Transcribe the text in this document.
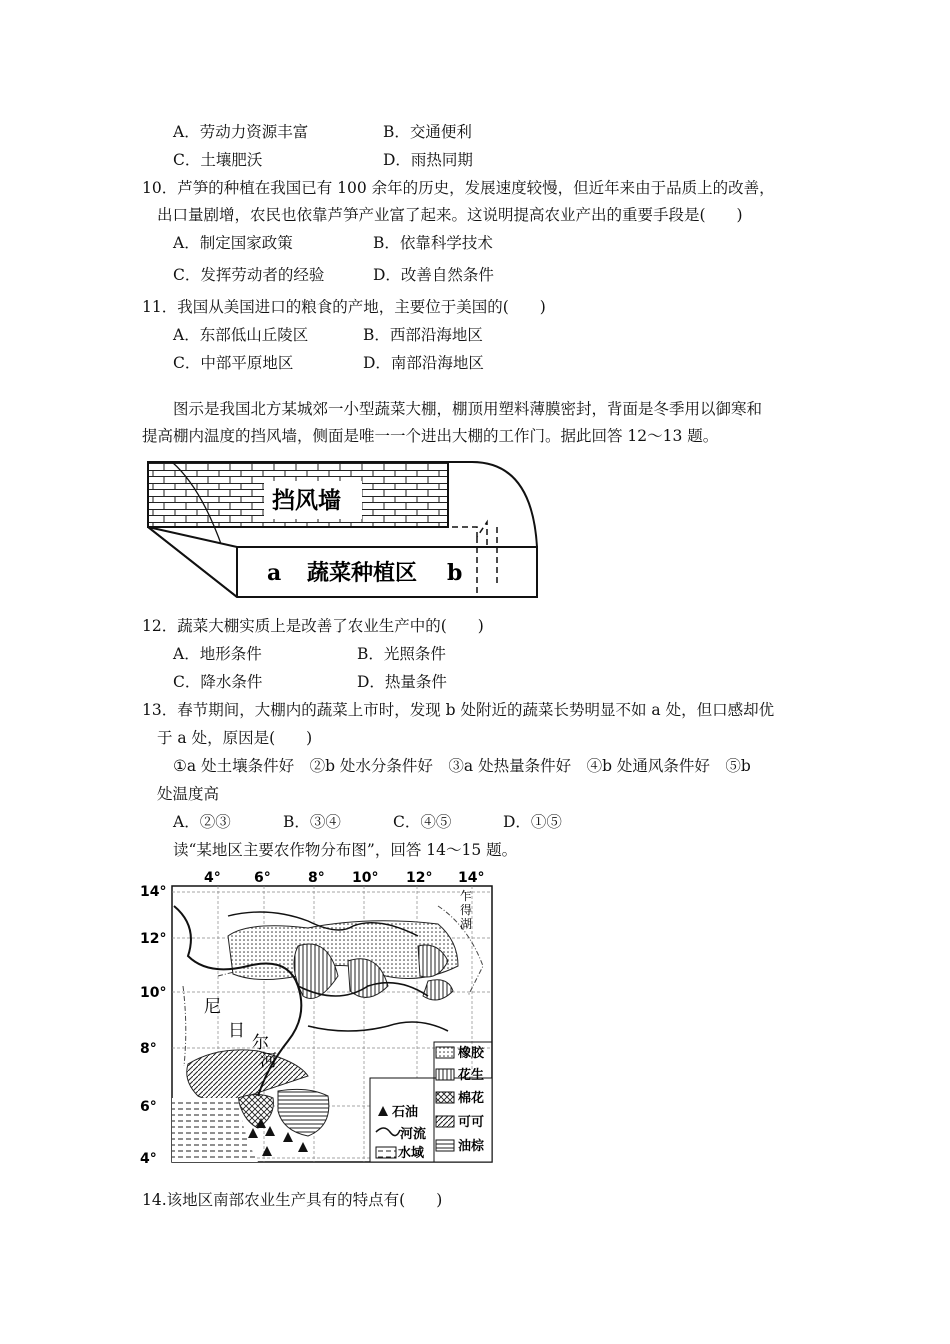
A．劳动力资源丰富	B．交通便利
C．土壤肥沃	D．雨热同期
10．芦笋的种植在我国已有 100 余年的历史，发展速度较慢，但近年来由于品质上的改善，
出口量剧增，农民也依靠芦笋产业富了起来。这说明提高农业产出的重要手段是(　　)
A．制定国家政策	B．依靠科学技术
C．发挥劳动者的经验	D．改善自然条件
11．我国从美国进口的粮食的产地，主要位于美国的(　　)
A．东部低山丘陵区	B．西部沿海地区
C．中部平原地区	D．南部沿海地区
图示是我国北方某城郊一小型蔬菜大棚，棚顶用塑料薄膜密封，背面是冬季用以御寒和
提高棚内温度的挡风墙，侧面是唯一一个进出大棚的工作门。据此回答 12～13 题。
挡风墙
a 蔬菜种植区 b
12．蔬菜大棚实质上是改善了农业生产中的(　　)
A．地形条件	B．光照条件
C．降水条件	D．热量条件
13．春节期间，大棚内的蔬菜上市时，发现 b 处附近的蔬菜长势明显不如 a 处，但口感却优
于 a 处，原因是(　　)
①a 处土壤条件好　②b 处水分条件好　③a 处热量条件好　④b 处通风条件好　⑤b
处温度高
A．②③	B．③④	C．④⑤	D．①⑤
读“某地区主要农作物分布图”，回答 14～15 题。
4° 6°	8° 10° 12° 14°
14°
12°
10°
8°
6°
4°
乍
得
湖
尼
日
尔
河	橡胶
花生
棉花
可可
油棕
石油
河流
水域
14.该地区南部农业生产具有的特点有(　　)
